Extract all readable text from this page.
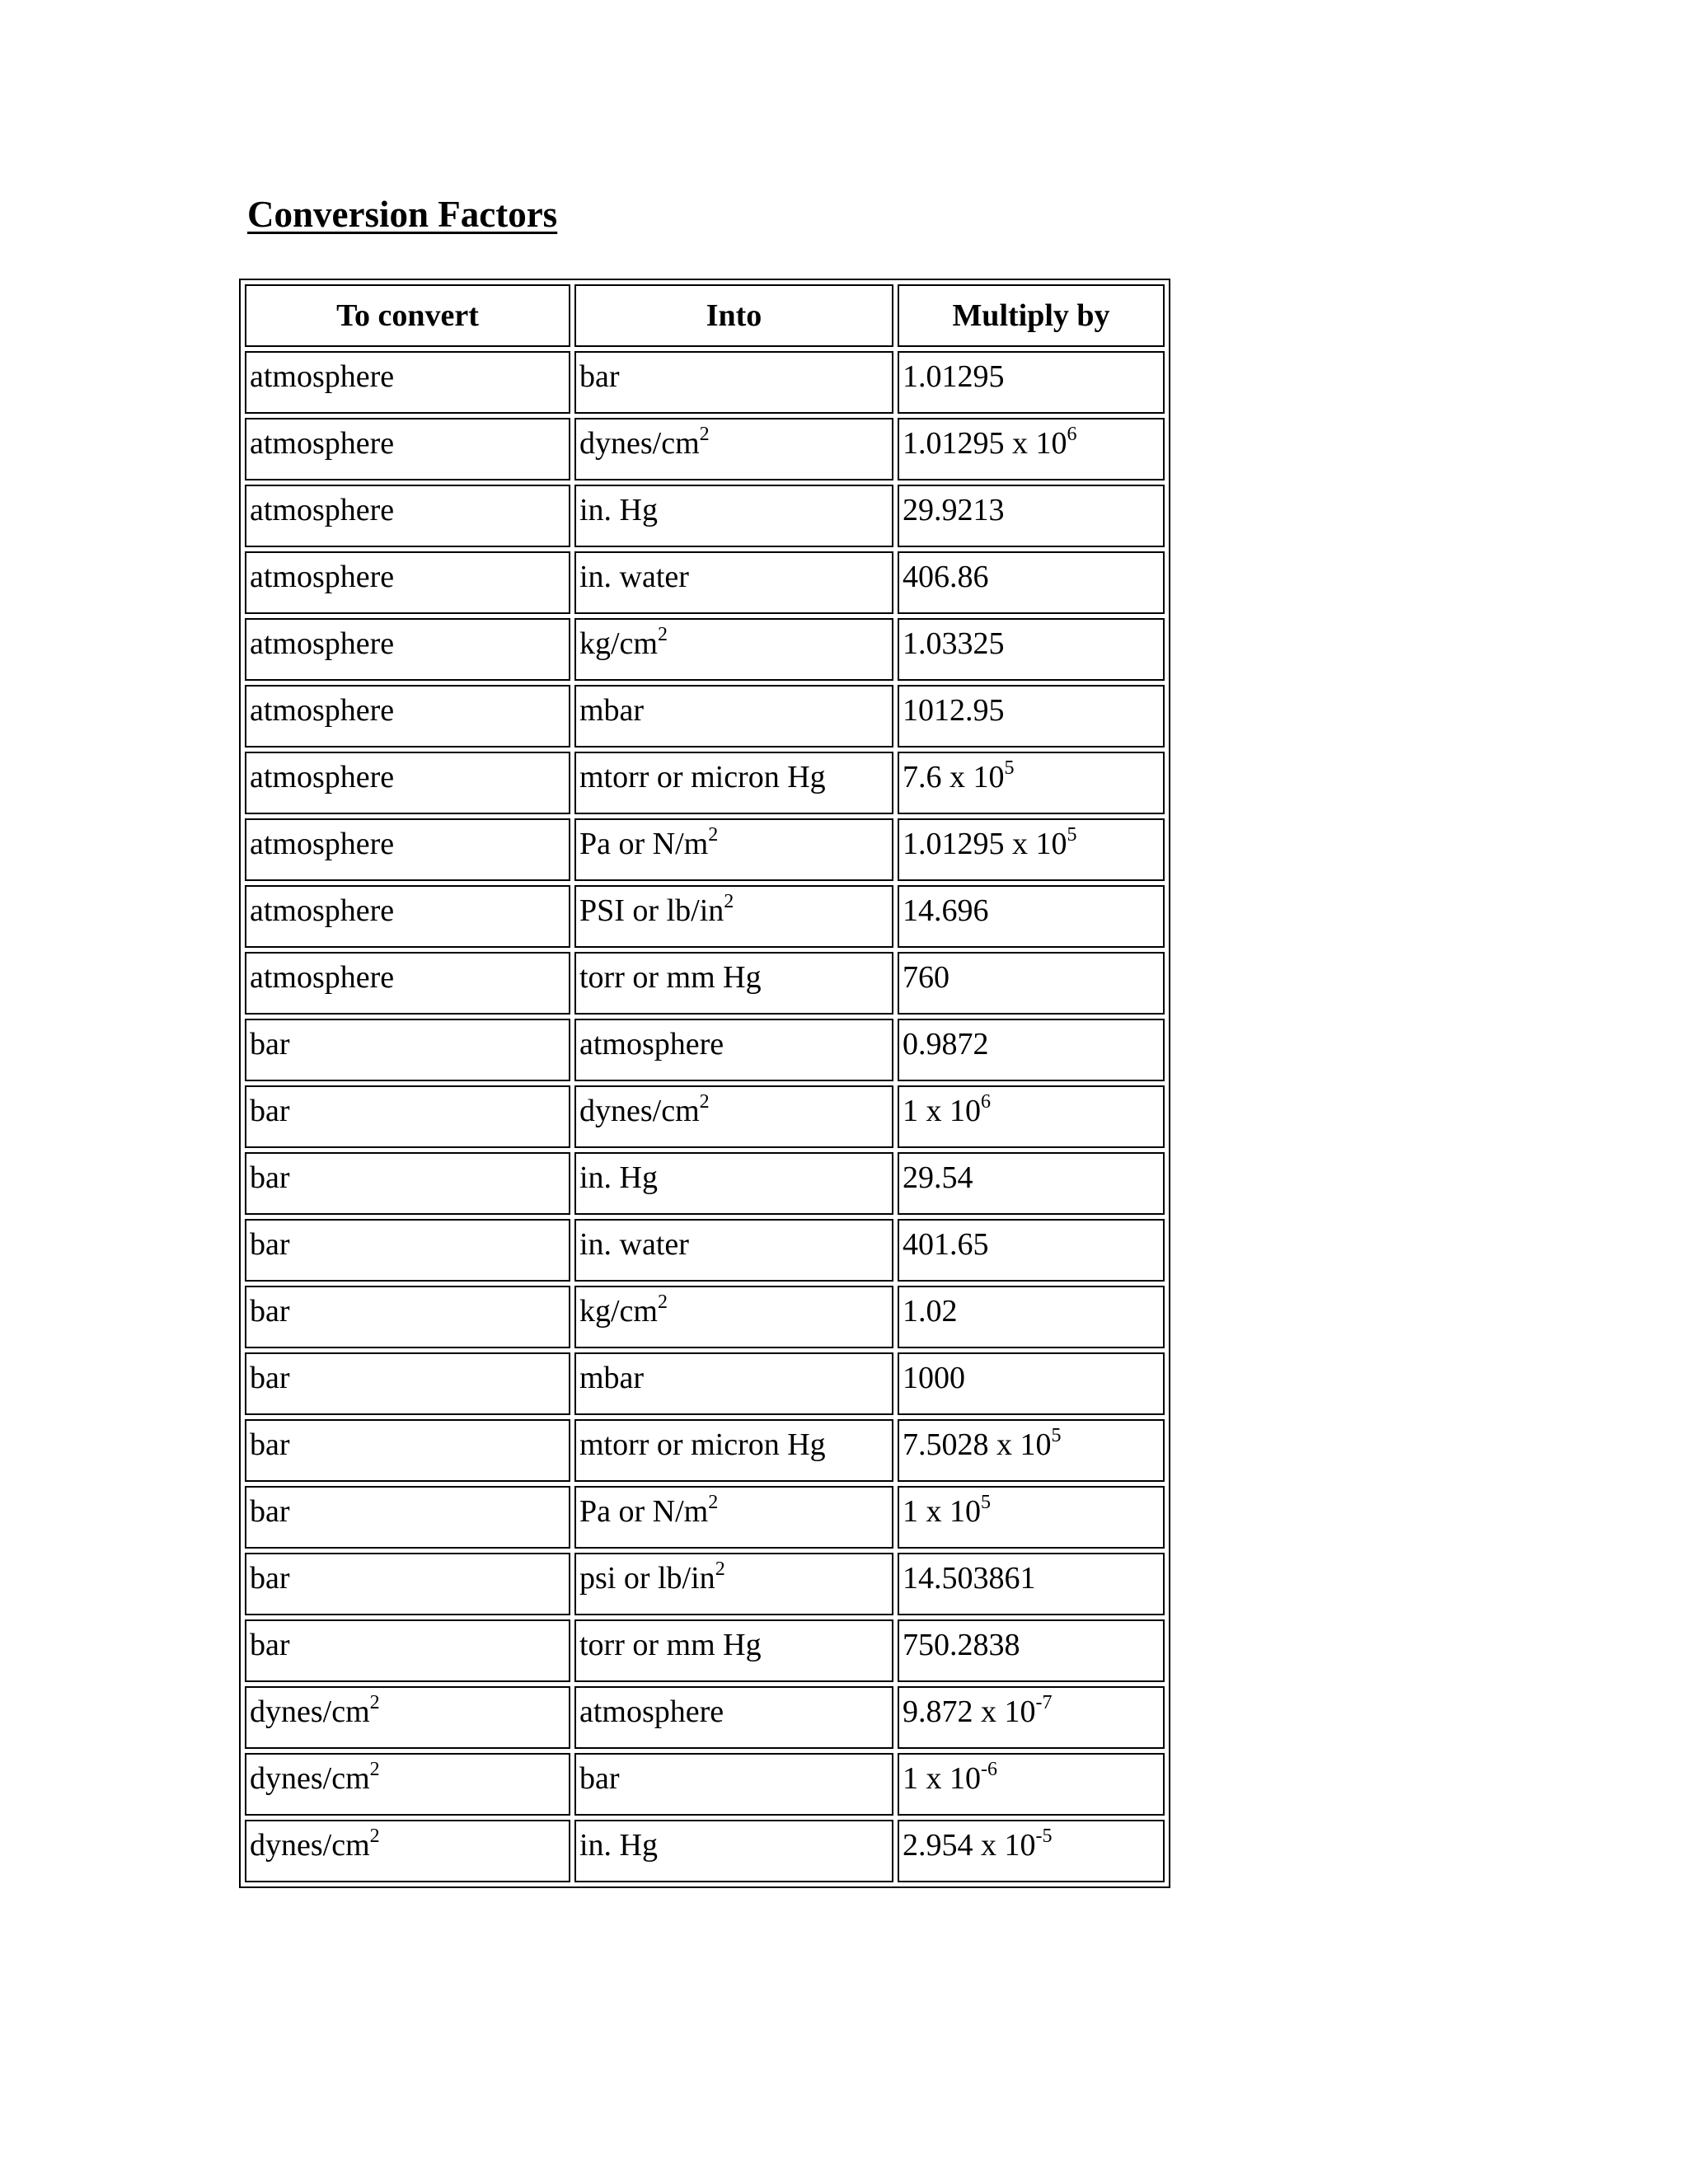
Conversion Factors
To convert	Into	Multiply by
atmosphere	bar	1.01295
atmosphere	dynes/$cm^2$	1.01295 x $10^6$
atmosphere	in. Hg	29.9213
atmosphere	in. water	406.86
atmosphere	$kg/cm^2$	1.03325
atmosphere	mbar	1012.95
atmosphere	mtorr or micron Hg	7.6 x $10^5$
atmosphere	Pa or $N/m^2$	1.01295 x $10^5$
atmosphere	PSI or $lb/in^2$	14.696
atmosphere	torr or mm Hg	760
bar	atmosphere	0.9872
bar	dynes/$cm^2$	1 x $10^6$
bar	in. Hg	29.54
bar	in. water	401.65
bar	$kg/cm^2$	1.02
bar	mbar	1000
bar	mtorr or micron Hg	7.5028 x $10^5$
bar	Pa or $N/m^2$	1 x $10^5$
bar	psi or $lb/in^2$	14.503861
bar	torr or mm Hg	750.2838
dynes/$cm^2$	atmosphere	9.872 x $10^{-7}$
dynes/$cm^2$	bar	1 x $10^{-6}$
dynes/$cm^2$	in. Hg	2.954 x $10^{-5}$
